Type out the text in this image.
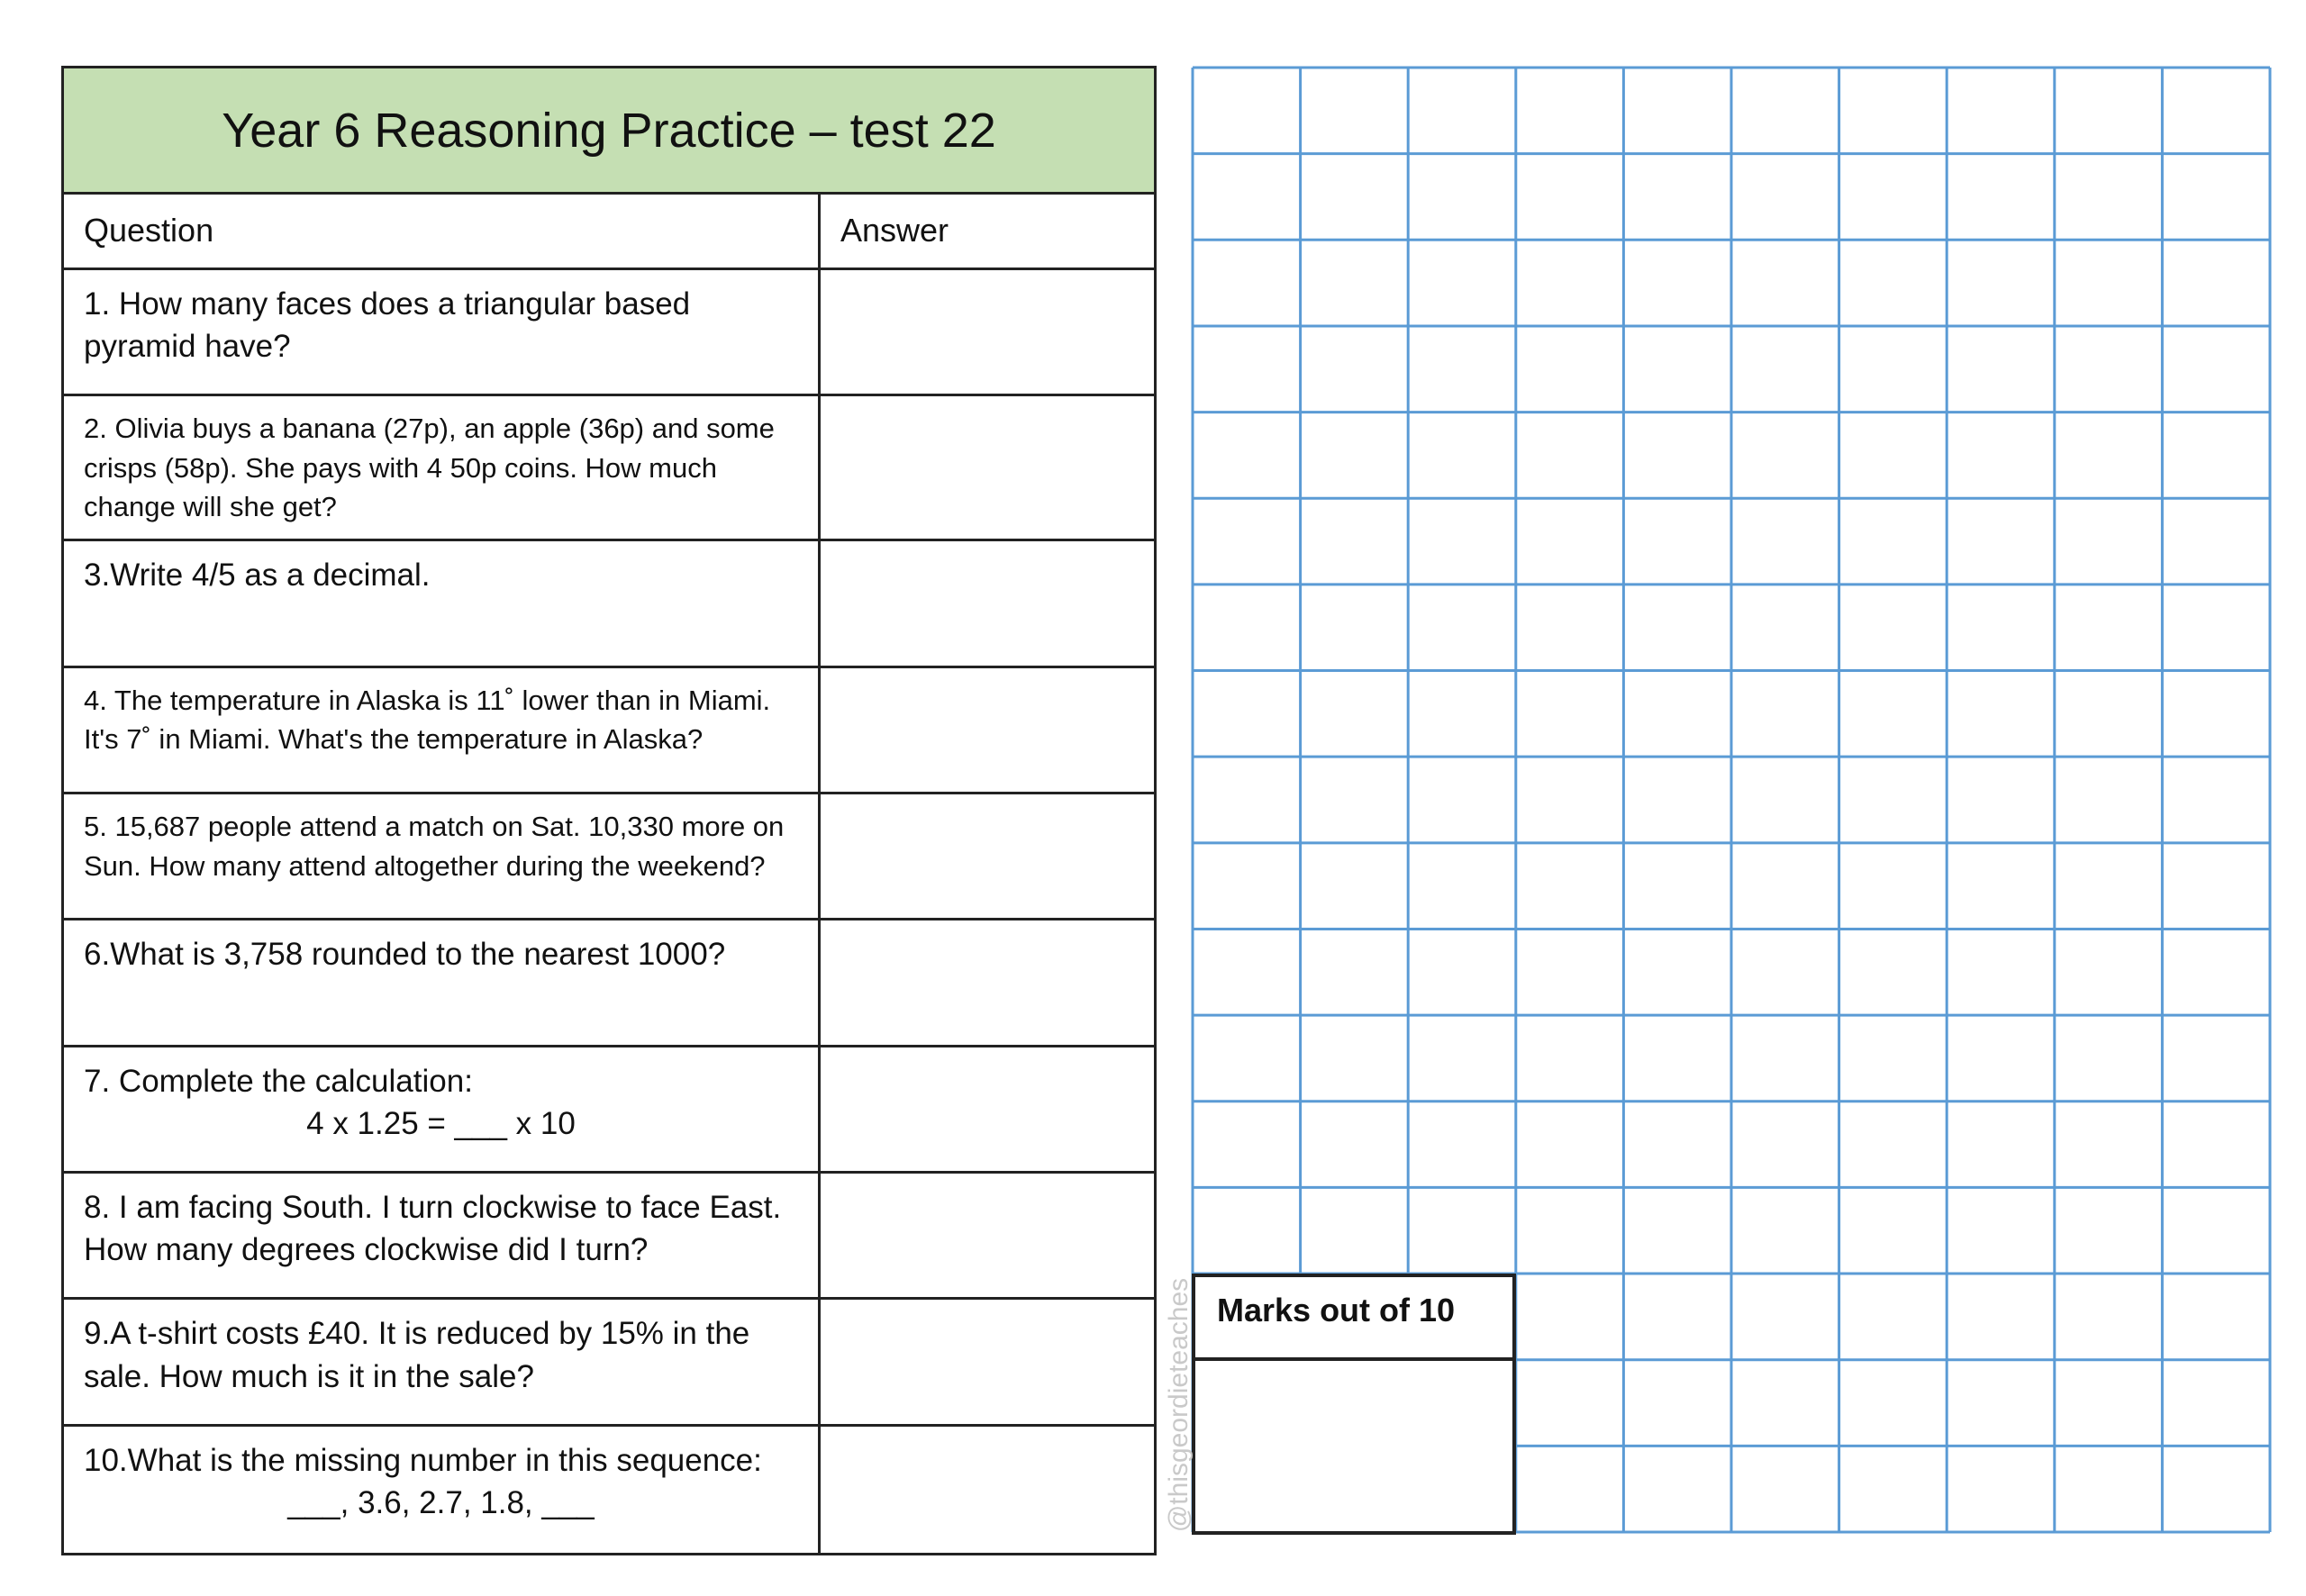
Year 6 Reasoning Practice – test 22
Question	Answer
1. How many faces does a triangular based pyramid have?
2. Olivia buys a banana (27p), an apple (36p) and some crisps (58p). She pays with 4 50p coins. How much change will she get?
3.Write 4/5 as a decimal.
4. The temperature in Alaska is 11˚ lower than in Miami. It's 7˚ in Miami. What's the temperature in Alaska?
5. 15,687 people attend a match on Sat. 10,330 more on Sun. How many attend altogether during the weekend?
6.What is 3,758 rounded to the nearest 1000?
7. Complete the calculation:
4 x 1.25 = ___ x 10
8. I am facing South. I turn clockwise to face East. How many degrees clockwise did I turn?
9.A t-shirt costs £40. It is reduced by 15% in the sale. How much is it in the sale?
10.What is the missing number in this sequence:
___, 3.6, 2.7, 1.8, ___
Marks out of 10
@thisgeordieteaches
